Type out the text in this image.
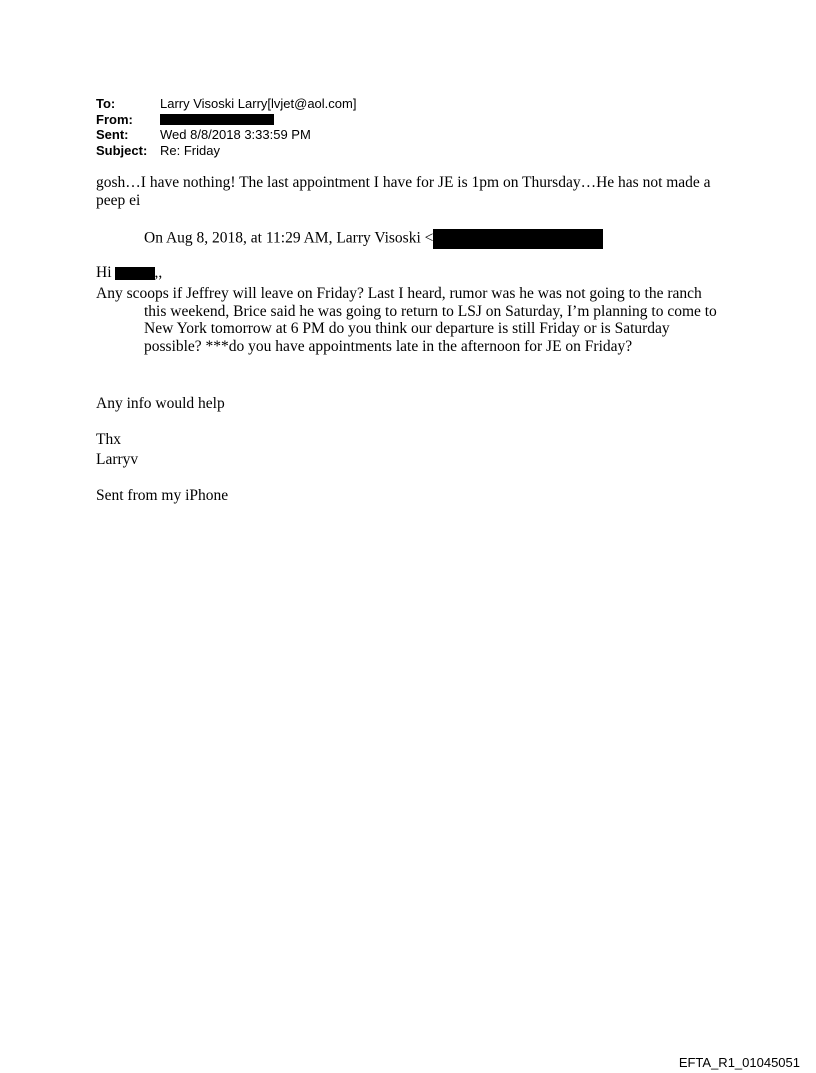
To:	Larry Visoski Larry[lvjet@aol.com]
From:
Sent: Wed 8/8/2018 3:33:59 PM
Subject: Re: Friday
gosh…I have nothing! The last appointment I have for JE is 1pm on Thursday…He has not made a peep ei
On Aug 8, 2018, at 11:29 AM, Larry Visoski <
Hi	,,
Any scoops if Jeffrey will leave on Friday? Last I heard, rumor was he was not going to the ranch this weekend, Brice said he was going to return to LSJ on Saturday, I’m planning to come to New York tomorrow at 6 PM do you think our departure is still Friday or is Saturday possible? ***do you have appointments late in the afternoon for JE on Friday?
Any info would help
Thx
Larryv
Sent from my iPhone
EFTA_R1_01045051
